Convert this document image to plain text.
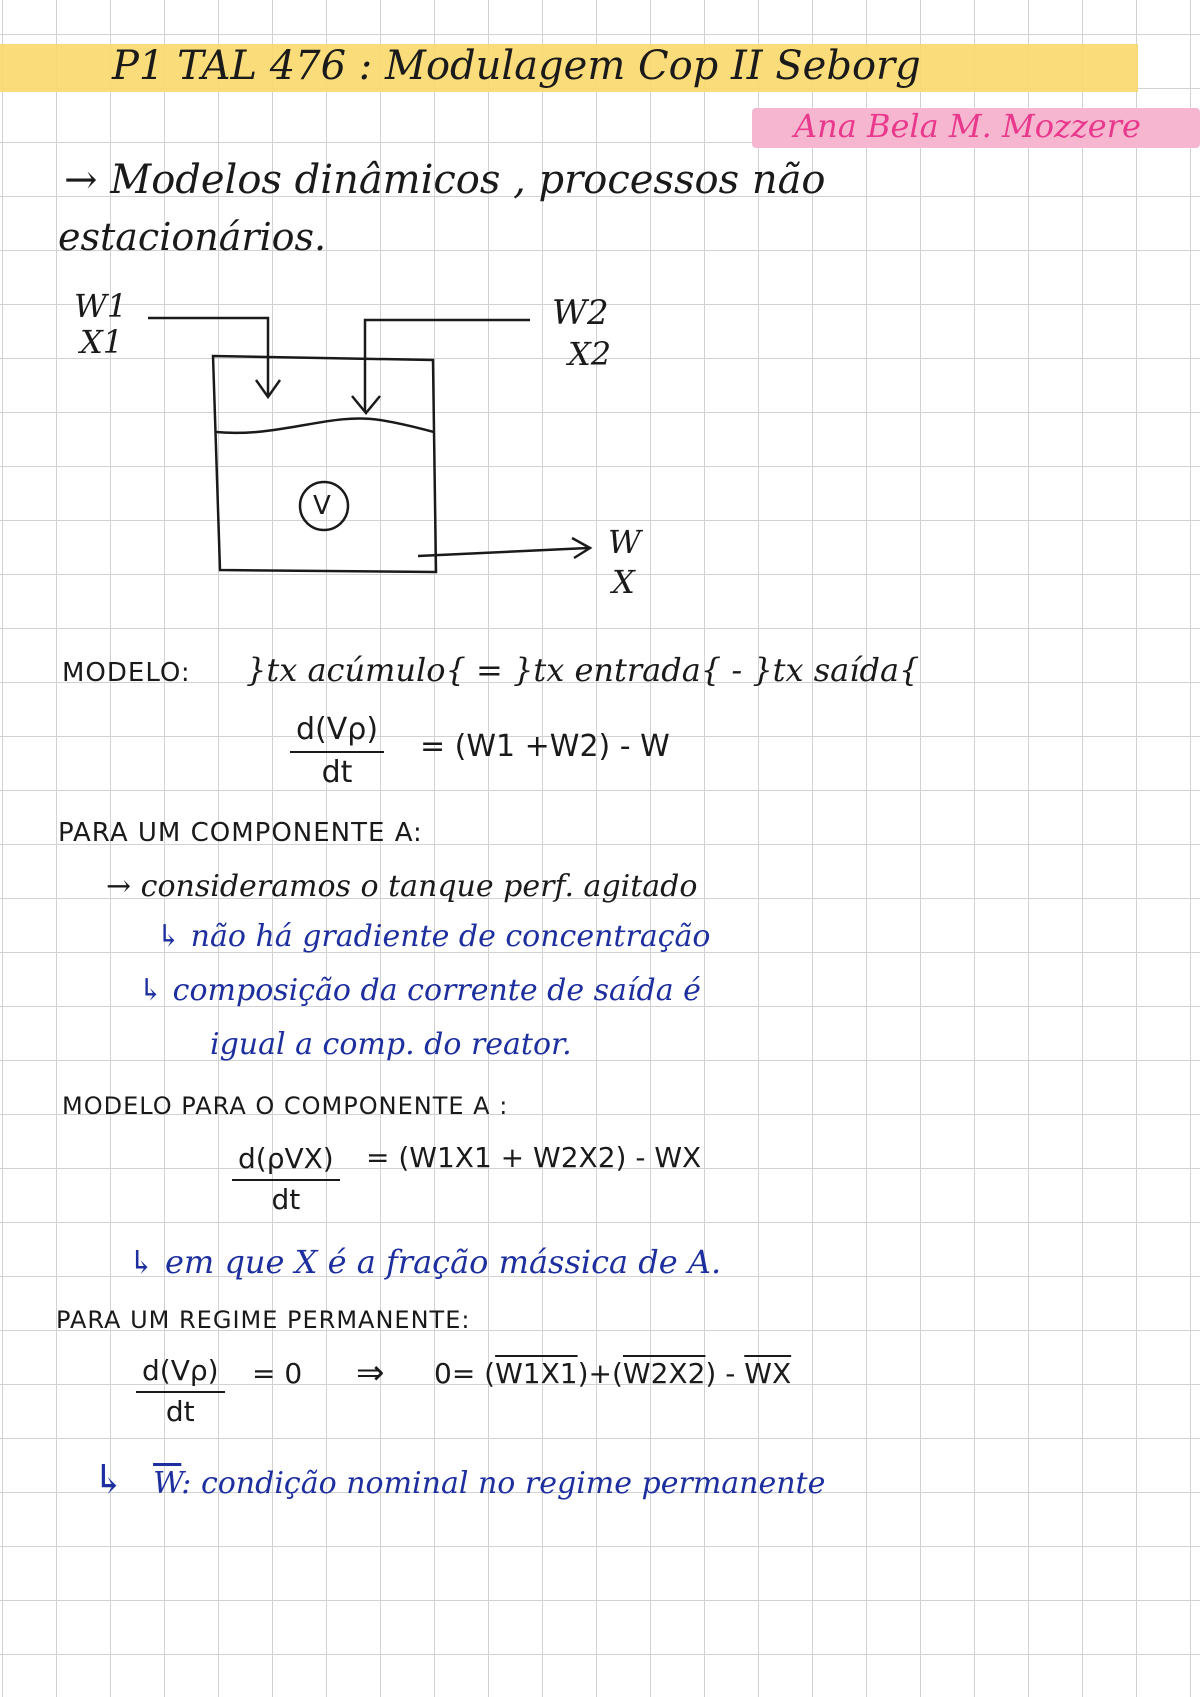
P1 TAL 476 : Modulagem Cop II Seborg
Ana Bela M. Mozzere
→ Modelos dinâmicos , processos não
estacionários.
V
W1
X1
W2
X2
W
X
MODELO: }tx acúmulo{ = }tx entrada{ - }tx saída{
d(Vρ)
dt
= (W1 +W2) - W
PARA UM COMPONENTE A:
→ consideramos o tanque perf. agitado
↳ não há gradiente de concentração
↳ composição da corrente de saída é
igual a comp. do reator.
MODELO PARA O COMPONENTE A :
d(ρVX)
dt
= (W1X1 + W2X2) - WX
↳ em que X é a fração mássica de A.
PARA UM REGIME PERMANENTE:
d(Vρ)
dt
= 0 ⇒ $0= (W1X1)+(W2X2) - \overline{WX}$
↳ $\overline{W}$: condição nominal no regime permanente
